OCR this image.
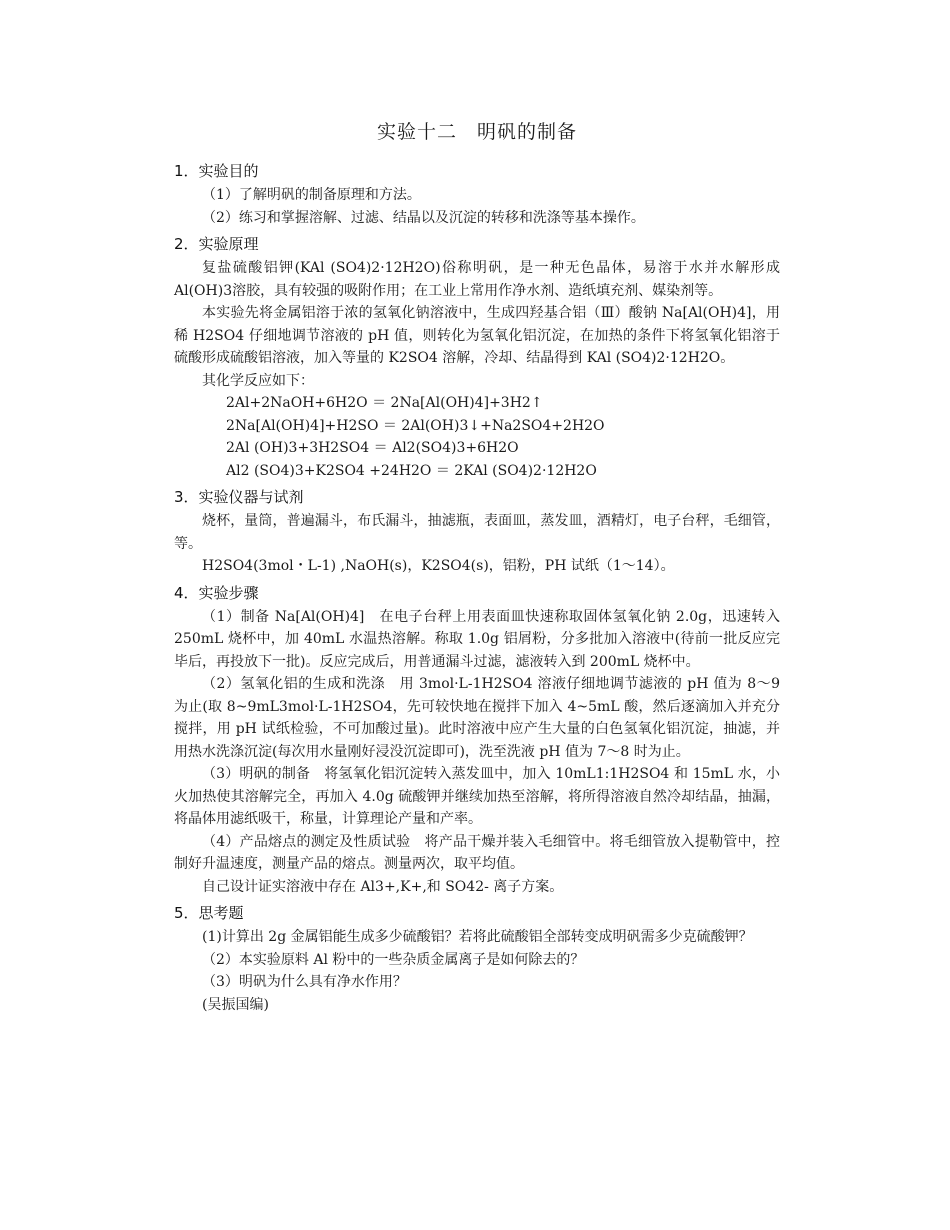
实验十二　明矾的制备
1．实验目的

（1）了解明矾的制备原理和方法。

（2）练习和掌握溶解、过滤、结晶以及沉淀的转移和洗涤等基本操作。

2．实验原理

复盐硫酸铝钾(KAl (SO4)2·12H2O)俗称明矾，是一种无色晶体，易溶于水并水解形成Al(OH)3溶胶，具有较强的吸附作用；在工业上常用作净水剂、造纸填充剂、媒染剂等。

本实验先将金属铝溶于浓的氢氧化钠溶液中，生成四羟基合铝（Ⅲ）酸钠 Na[Al(OH)4]，用稀 H2SO4 仔细地调节溶液的 pH 值，则转化为氢氧化铝沉淀，在加热的条件下将氢氧化铝溶于硫酸形成硫酸铝溶液，加入等量的 K2SO4 溶解，冷却、结晶得到 KAl (SO4)2·12H2O。

其化学反应如下：

2Al+2NaOH+6H2O ＝ 2Na[Al(OH)4]+3H2↑

2Na[Al(OH)4]+H2SO ＝ 2Al(OH)3↓+Na2SO4+2H2O

2Al (OH)3+3H2SO4 ＝ Al2(SO4)3+6H2O

Al2 (SO4)3+K2SO4 +24H2O ＝ 2KAl (SO4)2·12H2O

3．实验仪器与试剂

烧杯，量筒，普遍漏斗，布氏漏斗，抽滤瓶，表面皿，蒸发皿，酒精灯，电子台秤，毛细管，等。

H2SO4(3mol・L-1) ,NaOH(s)，K2SO4(s)，铝粉，PH 试纸（1～14）。

4．实验步骤

（1）制备 Na[Al(OH)4]　在电子台秤上用表面皿快速称取固体氢氧化钠 2.0g，迅速转入 250mL 烧杯中，加 40mL 水温热溶解。称取 1.0g 铝屑粉，分多批加入溶液中(待前一批反应完毕后，再投放下一批)。反应完成后，用普通漏斗过滤，滤液转入到 200mL 烧杯中。

（2）氢氧化铝的生成和洗涤　用 3mol·L-1H2SO4 溶液仔细地调节滤液的 pH 值为 8～9 为止(取 8~9mL3mol·L-1H2SO4，先可较快地在搅拌下加入 4~5mL 酸，然后逐滴加入并充分搅拌，用 pH 试纸检验，不可加酸过量)。此时溶液中应产生大量的白色氢氧化铝沉淀，抽滤，并用热水洗涤沉淀(每次用水量刚好浸没沉淀即可)，洗至洗液 pH 值为 7～8 时为止。

（3）明矾的制备　将氢氧化铝沉淀转入蒸发皿中，加入 10mL1:1H2SO4 和 15mL 水，小火加热使其溶解完全，再加入 4.0g 硫酸钾并继续加热至溶解，将所得溶液自然冷却结晶，抽漏，将晶体用滤纸吸干，称量，计算理论产量和产率。

（4）产品熔点的测定及性质试验　将产品干燥并装入毛细管中。将毛细管放入提勒管中，控制好升温速度，测量产品的熔点。测量两次，取平均值。

自己设计证实溶液中存在 Al3+,K+,和 SO42- 离子方案。

5．思考题

(1)计算出 2g 金属铝能生成多少硫酸铝？若将此硫酸铝全部转变成明矾需多少克硫酸钾？

（2）本实验原料 Al 粉中的一些杂质金属离子是如何除去的？

（3）明矾为什么具有净水作用？

(吴振国编)
